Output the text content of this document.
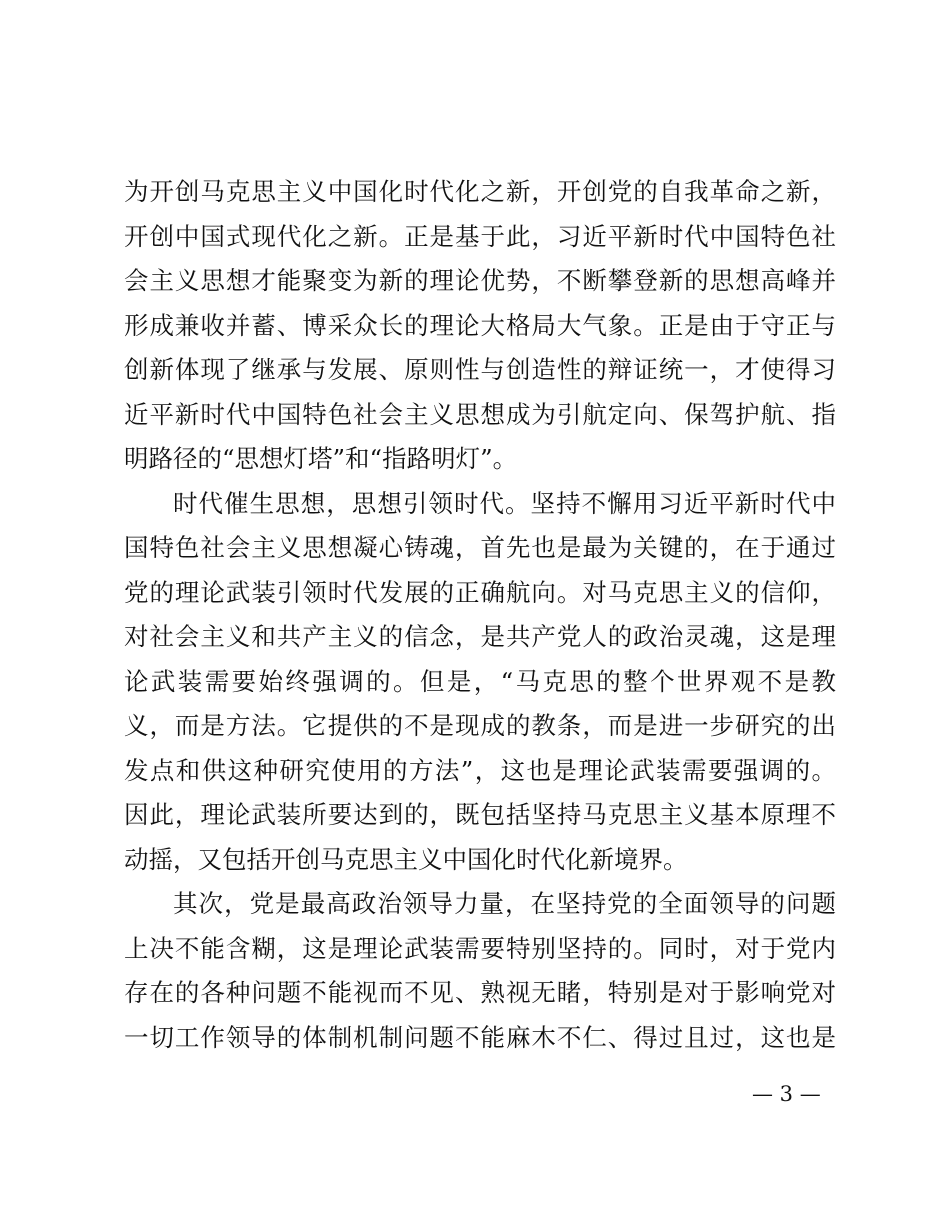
为开创马克思主义中国化时代化之新，开创党的自我革命之新，
开创中国式现代化之新。正是基于此，习近平新时代中国特色社
会主义思想才能聚变为新的理论优势，不断攀登新的思想高峰并
形成兼收并蓄、博采众长的理论大格局大气象。正是由于守正与
创新体现了继承与发展、原则性与创造性的辩证统一，才使得习
近平新时代中国特色社会主义思想成为引航定向、保驾护航、指
明路径的“思想灯塔”和“指路明灯”。
时代催生思想，思想引领时代。坚持不懈用习近平新时代中
国特色社会主义思想凝心铸魂，首先也是最为关键的，在于通过
党的理论武装引领时代发展的正确航向。对马克思主义的信仰，
对社会主义和共产主义的信念，是共产党人的政治灵魂，这是理
论武装需要始终强调的。但是，“马克思的整个世界观不是教
义，而是方法。它提供的不是现成的教条，而是进一步研究的出
发点和供这种研究使用的方法”，这也是理论武装需要强调的。
因此，理论武装所要达到的，既包括坚持马克思主义基本原理不
动摇，又包括开创马克思主义中国化时代化新境界。
其次，党是最高政治领导力量，在坚持党的全面领导的问题
上决不能含糊，这是理论武装需要特别坚持的。同时，对于党内
存在的各种问题不能视而不见、熟视无睹，特别是对于影响党对
一切工作领导的体制机制问题不能麻木不仁、得过且过，这也是
— 3 —
